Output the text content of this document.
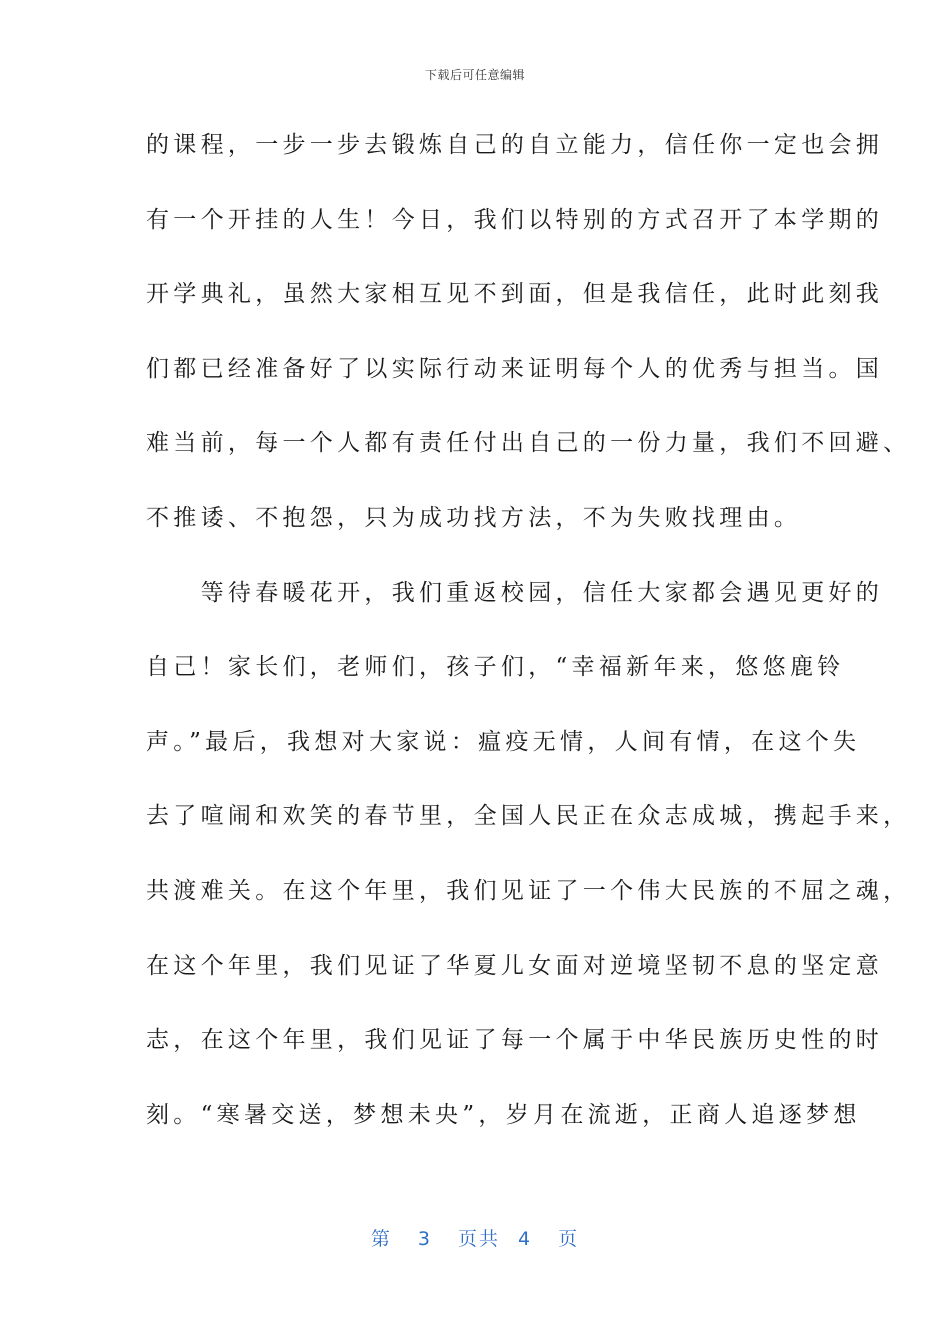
下载后可任意编辑
的课程，一步一步去锻炼自己的自立能力，信任你一定也会拥
有一个开挂的人生！今日，我们以特别的方式召开了本学期的
开学典礼，虽然大家相互见不到面，但是我信任，此时此刻我
们都已经准备好了以实际行动来证明每个人的优秀与担当。国
难当前，每一个人都有责任付出自己的一份力量，我们不回避、
不推诿、不抱怨，只为成功找方法，不为失败找理由。
　　等待春暖花开，我们重返校园，信任大家都会遇见更好的
自己！家长们，老师们，孩子们，“幸福新年来，悠悠鹿铃
声。”最后，我想对大家说：瘟疫无情，人间有情，在这个失
去了喧闹和欢笑的春节里，全国人民正在众志成城，携起手来，
共渡难关。在这个年里，我们见证了一个伟大民族的不屈之魂，
在这个年里，我们见证了华夏儿女面对逆境坚韧不息的坚定意
志，在这个年里，我们见证了每一个属于中华民族历史性的时
刻。“寒暑交送，梦想未央”，岁月在流逝，正商人追逐梦想
第 3 页共 4 页
